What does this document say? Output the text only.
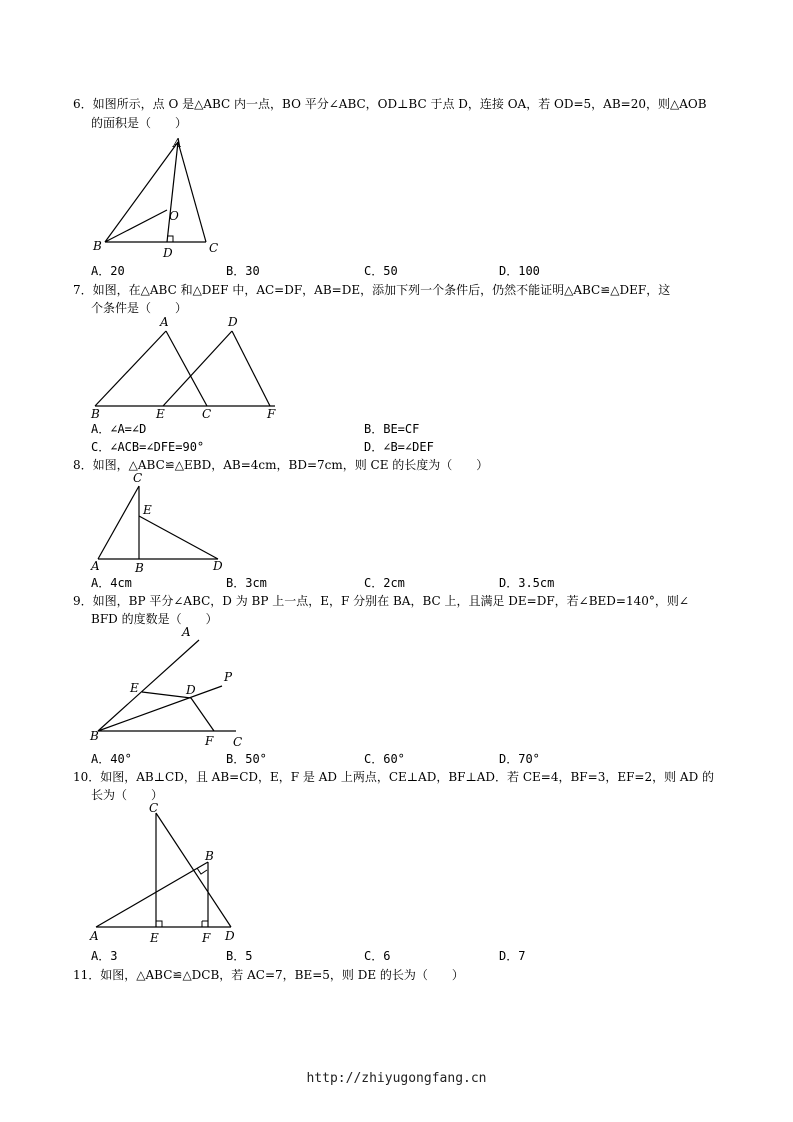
6．如图所示，点 O 是△ABC 内一点，BO 平分∠ABC，OD⊥BC 于点 D，连接 OA，若 OD=5，AB=20，则△AOB
的面积是（　　）
A
O
B	D	C
A．20	B．30	C．50	D．100
7．如图，在△ABC 和△DEF 中，AC=DF，AB=DE，添加下列一个条件后，仍然不能证明△ABC≌△DEF，这
个条件是（　　）
A	D
B	E	C	F
A．∠A=∠D	B．BE=CF
C．∠ACB=∠DFE=90°	D．∠B=∠DEF
8．如图，△ABC≌△EBD，AB=4cm，BD=7cm，则 CE 的长度为（　　）
C
E
A	B	D
A．4cm	B．3cm	C．2cm	D．3.5cm
9．如图，BP 平分∠ABC，D 为 BP 上一点，E，F 分别在 BA，BC 上，且满足 DE=DF，若∠BED=140°，则∠
BFD 的度数是（　　）
A
P
E	D
B	F C
A．40°	B．50°	C．60°	D．70°
10．如图，AB⊥CD，且 AB=CD，E，F 是 AD 上两点，CE⊥AD，BF⊥AD．若 CE=4，BF=3，EF=2，则 AD 的
长为（　　）
C
B
A	E	F D
A．3	B．5	C．6	D．7
11．如图，△ABC≌△DCB，若 AC=7，BE=5，则 DE 的长为（　　）
http://zhiyugongfang.cn
